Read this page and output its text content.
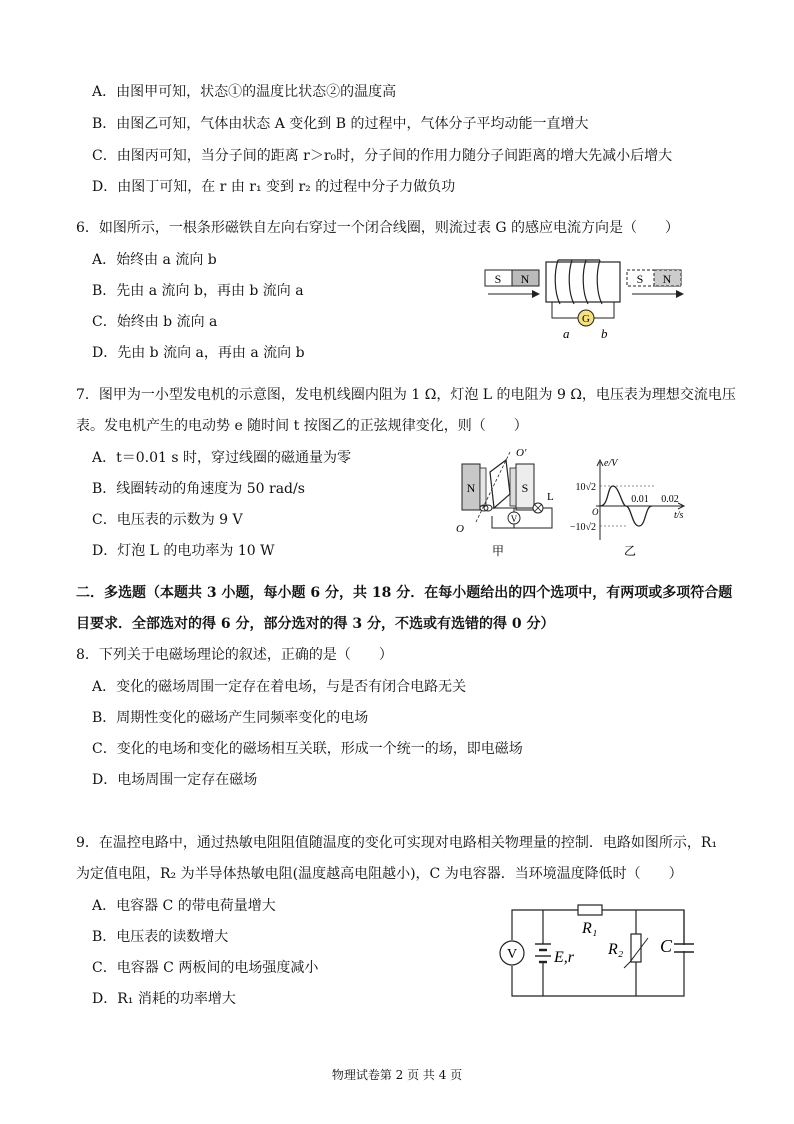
A．由图甲可知，状态①的温度比状态②的温度高
B．由图乙可知，气体由状态 A 变化到 B 的过程中，气体分子平均动能一直增大
C．由图丙可知，当分子间的距离 r＞r₀时，分子间的作用力随分子间距离的增大先减小后增大
D．由图丁可知，在 r 由 r₁ 变到 r₂ 的过程中分子力做负功
6．如图所示，一根条形磁铁自左向右穿过一个闭合线圈，则流过表 G 的感应电流方向是（　　）
A．始终由 a 流向 b
B．先由 a 流向 b，再由 b 流向 a
C．始终由 b 流向 a
D．先由 b 流向 a，再由 a 流向 b
S N
G
a b
S N
7．图甲为一小型发电机的示意图，发电机线圈内阻为 1 Ω，灯泡 L 的电阻为 9 Ω，电压表为理想交流电压
表。发电机产生的电动势 e 随时间 t 按图乙的正弦规律变化，则（　　）
A．t＝0.01 s 时，穿过线圈的磁通量为零
B．线圈转动的角速度为 50 rad/s
C．电压表的示数为 9 V
D．灯泡 L 的电功率为 10 W
N	S
O′
O
V
L
甲
e/V
t/s
O
10√2
−10√2
0.01 0.02
乙
二．多选题（本题共 3 小题，每小题 6 分，共 18 分．在每小题给出的四个选项中，有两项或多项符合题
目要求．全部选对的得 6 分，部分选对的得 3 分，不选或有选错的得 0 分）
8．下列关于电磁场理论的叙述，正确的是（　　）
A．变化的磁场周围一定存在着电场，与是否有闭合电路无关
B．周期性变化的磁场产生同频率变化的电场
C．变化的电场和变化的磁场相互关联，形成一个统一的场，即电磁场
D．电场周围一定存在磁场
9．在温控电路中，通过热敏电阻阻值随温度的变化可实现对电路相关物理量的控制．电路如图所示，R₁
为定值电阻，R₂ 为半导体热敏电阻(温度越高电阻越小)，C 为电容器．当环境温度降低时（　　）
A．电容器 C 的带电荷量增大
B．电压表的读数增大
C．电容器 C 两板间的电场强度减小
D．R₁ 消耗的功率增大
V E,r
R₁
R₂ C
物理试卷第 2 页 共 4 页
